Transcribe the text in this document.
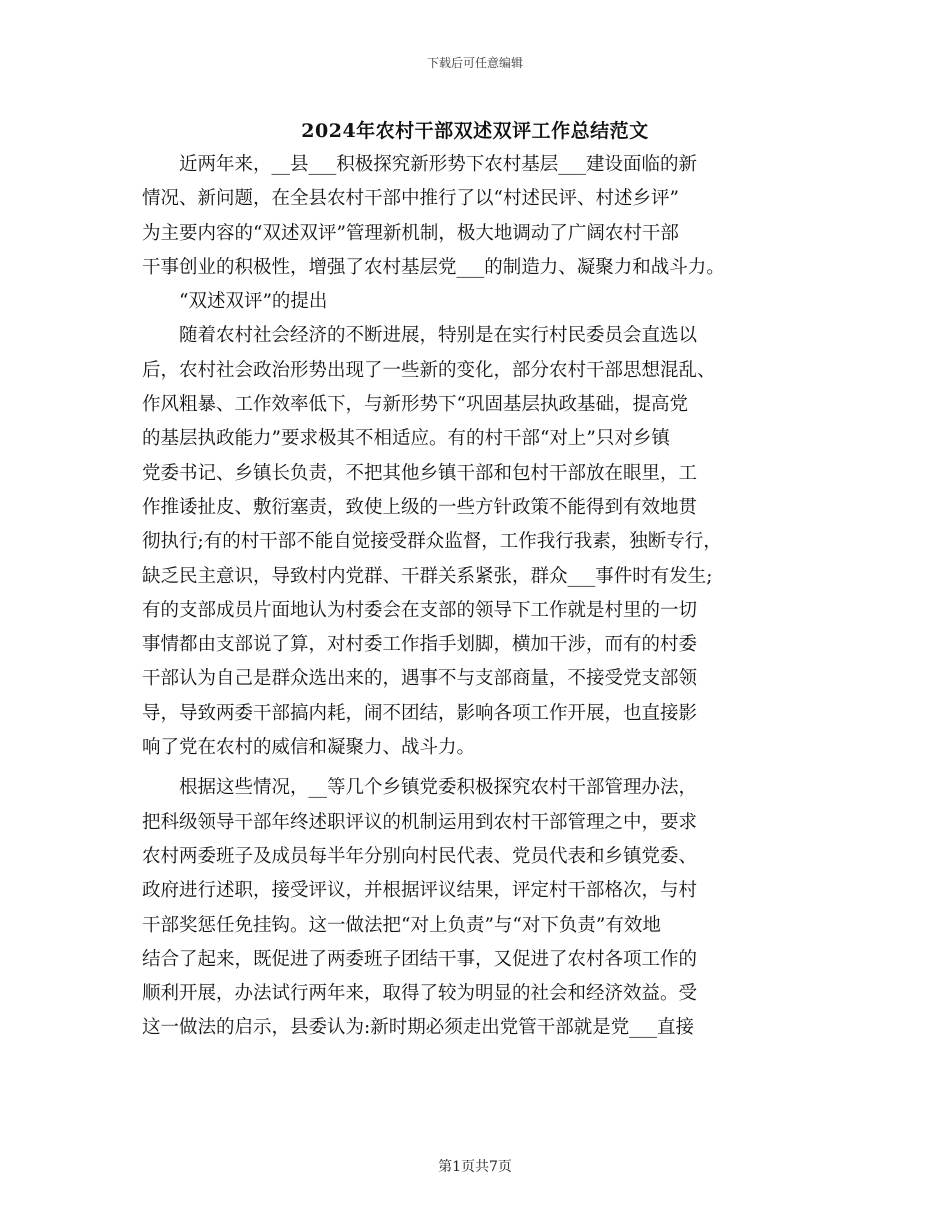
下载后可任意编辑
2024年农村干部双述双评工作总结范文
　　近两年来，__县___积极探究新形势下农村基层___建设面临的新
情况、新问题，在全县农村干部中推行了以“村述民评、村述乡评”
为主要内容的“双述双评”管理新机制，极大地调动了广阔农村干部
干事创业的积极性，增强了农村基层党___的制造力、凝聚力和战斗力。
　　“双述双评”的提出
　　随着农村社会经济的不断进展，特别是在实行村民委员会直选以
后，农村社会政治形势出现了一些新的变化，部分农村干部思想混乱、
作风粗暴、工作效率低下，与新形势下“巩固基层执政基础，提高党
的基层执政能力”要求极其不相适应。有的村干部“对上”只对乡镇
党委书记、乡镇长负责，不把其他乡镇干部和包村干部放在眼里，工
作推诿扯皮、敷衍塞责，致使上级的一些方针政策不能得到有效地贯
彻执行;有的村干部不能自觉接受群众监督，工作我行我素，独断专行，
缺乏民主意识，导致村内党群、干群关系紧张，群众___事件时有发生;
有的支部成员片面地认为村委会在支部的领导下工作就是村里的一切
事情都由支部说了算，对村委工作指手划脚，横加干涉，而有的村委
干部认为自己是群众选出来的，遇事不与支部商量，不接受党支部领
导，导致两委干部搞内耗，闹不团结，影响各项工作开展，也直接影
响了党在农村的威信和凝聚力、战斗力。
　　根据这些情况，__等几个乡镇党委积极探究农村干部管理办法，
把科级领导干部年终述职评议的机制运用到农村干部管理之中，要求
农村两委班子及成员每半年分别向村民代表、党员代表和乡镇党委、
政府进行述职，接受评议，并根据评议结果，评定村干部格次，与村
干部奖惩任免挂钩。这一做法把“对上负责”与“对下负责”有效地
结合了起来，既促进了两委班子团结干事，又促进了农村各项工作的
顺利开展，办法试行两年来，取得了较为明显的社会和经济效益。受
这一做法的启示，县委认为:新时期必须走出党管干部就是党___直接
第1页共7页
